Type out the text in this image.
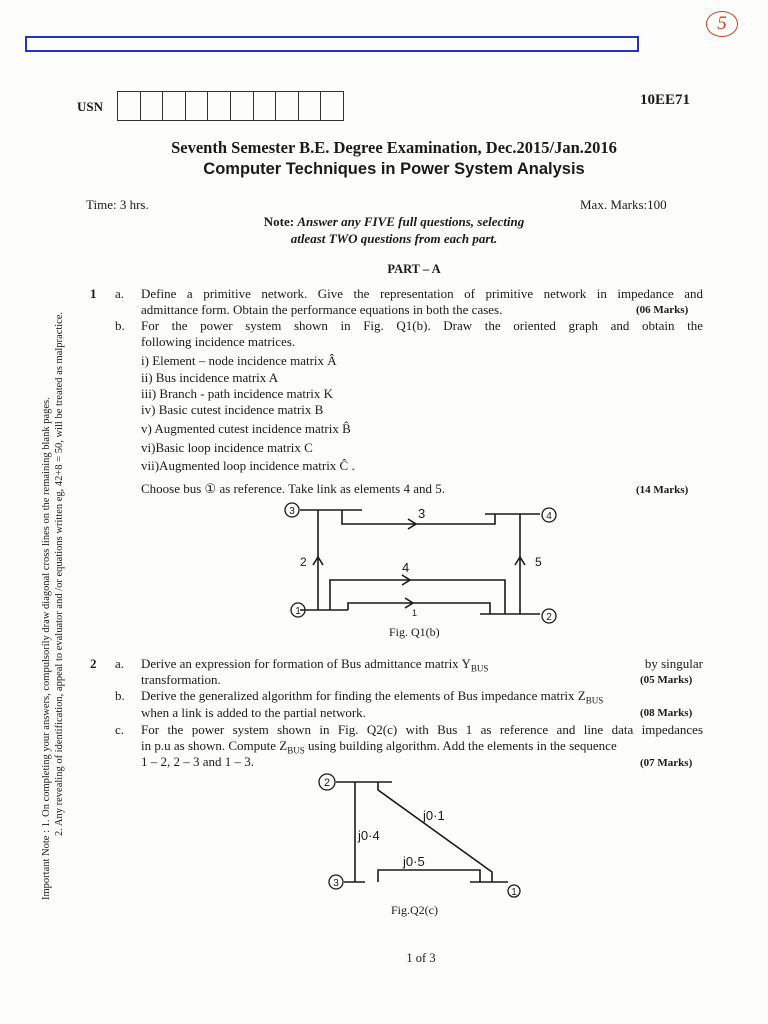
5
USN	10EE71
Seventh Semester B.E. Degree Examination, Dec.2015/Jan.2016
Computer Techniques in Power System Analysis
Time: 3 hrs.	Max. Marks:100
Note: Answer any FIVE full questions, selecting
atleast TWO questions from each part.
PART – A
Important Note : 1. On completing your answers, compulsorily draw diagonal cross lines on the remaining blank pages. 2. Any revealing of identification, appeal to evaluator and /or equations written eg, 42+8 = 50, will be treated as malpractice.
1 a. Define a primitive network. Give the representation of primitive network in impedance and
admittance form. Obtain the performance equations in both the cases.	(06 Marks)
b. For the power system shown in Fig. Q1(b). Draw the oriented graph and obtain the
following incidence matrices.
i) Element – node incidence matrix Â
ii) Bus incidence matrix A
iii) Branch - path incidence matrix K
iv) Basic cutest incidence matrix B
v) Augmented cutest incidence matrix B̂
vi)Basic loop incidence matrix C
vii)Augmented loop incidence matrix Ĉ .
Choose bus ① as reference. Take link as elements 4 and 5.	(14 Marks)
3	4
1
2
2	5
3
4
1
Fig. Q1(b)
2 a. Derive an expression for formation of Bus admittance matrix $Y_{BUS}$	by singular
transformation.	(05 Marks)
b. Derive the generalized algorithm for finding the elements of Bus impedance matrix $Z_{BUS}$
when a link is added to the partial network.	(08 Marks)
c. For the power system shown in Fig. Q2(c) with Bus 1 as reference and line data impedances
in p.u as shown. Compute $Z_{BUS}$ using building algorithm. Add the elements in the sequence
1 – 2, 2 – 3 and 1 – 3.	(07 Marks)
2
3
1
j0·1
j0·4
j0·5
Fig.Q2(c)
1 of 3
